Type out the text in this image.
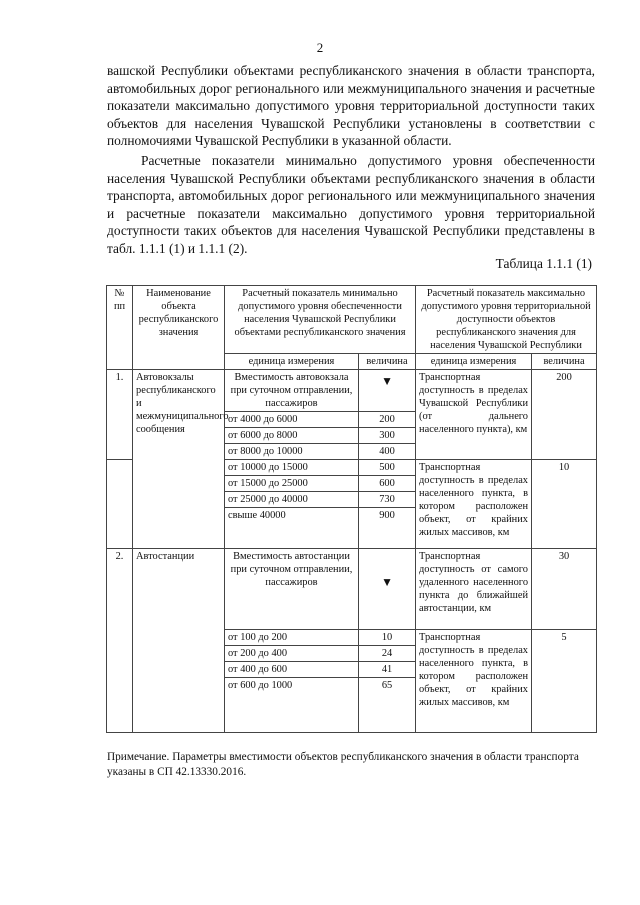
2

вашской Республики объектами республиканского значения в области транспорта, автомобильных дорог регионального или межмуниципального значения и расчетные показатели максимально допустимого уровня территориальной доступности таких объектов для населения Чувашской Республики установлены в соответствии с полномочиями Чувашской Республики в указанной области.

Расчетные показатели минимально допустимого уровня обеспеченности населения Чувашской Республики объектами республиканского значения в области транспорта, автомобильных дорог регионального или межмуниципального значения и расчетные показатели максимально допустимого уровня территориальной доступности таких объектов для населения Чувашской Республики представлены в табл. 1.1.1 (1) и 1.1.1 (2).

Таблица 1.1.1 (1)
№ пп	Наименование объекта республиканского значения	Расчетный показатель минимально допустимого уровня обеспеченности населения Чувашской Республики объектами республиканского значения		Расчетный показатель максимально допустимого уровня территориальной доступности объектов республиканского значения для населения Чувашской Республики	
		единица измерения	величина	единица измерения	величина
1.	Автовокзалы республиканского и межмуниципального сообщения	Вместимость автовокзала при суточном отправлении, пассажиров	▼	Транспортная доступность в пределах Чувашской Республики (от дальнего населенного пункта), км	200
		от 4000 до 6000	200		
		от 6000 до 8000	300		
		от 8000 до 10000	400		
		от 10000 до 15000	500	Транспортная доступность в пределах населенного пункта, в котором расположен объект, от крайних жилых массивов, км	10
		от 15000 до 25000	600		
		от 25000 до 40000	730		
		свыше 40000	900		
2.	Автостанции	Вместимость автостанции при суточном отправлении, пассажиров	▼	Транспортная доступность от самого удаленного населенного пункта до ближайшей автостанции, км	30
		от 100 до 200	10	Транспортная доступность в пределах населенного пункта, в котором расположен объект, от крайних жилых массивов, км	5
		от 200 до 400	24		
		от 400 до 600	41		
		от 600 до 1000	65		

Примечание. Параметры вместимости объектов республиканского значения в области транспорта указаны в СП 42.13330.2016.
